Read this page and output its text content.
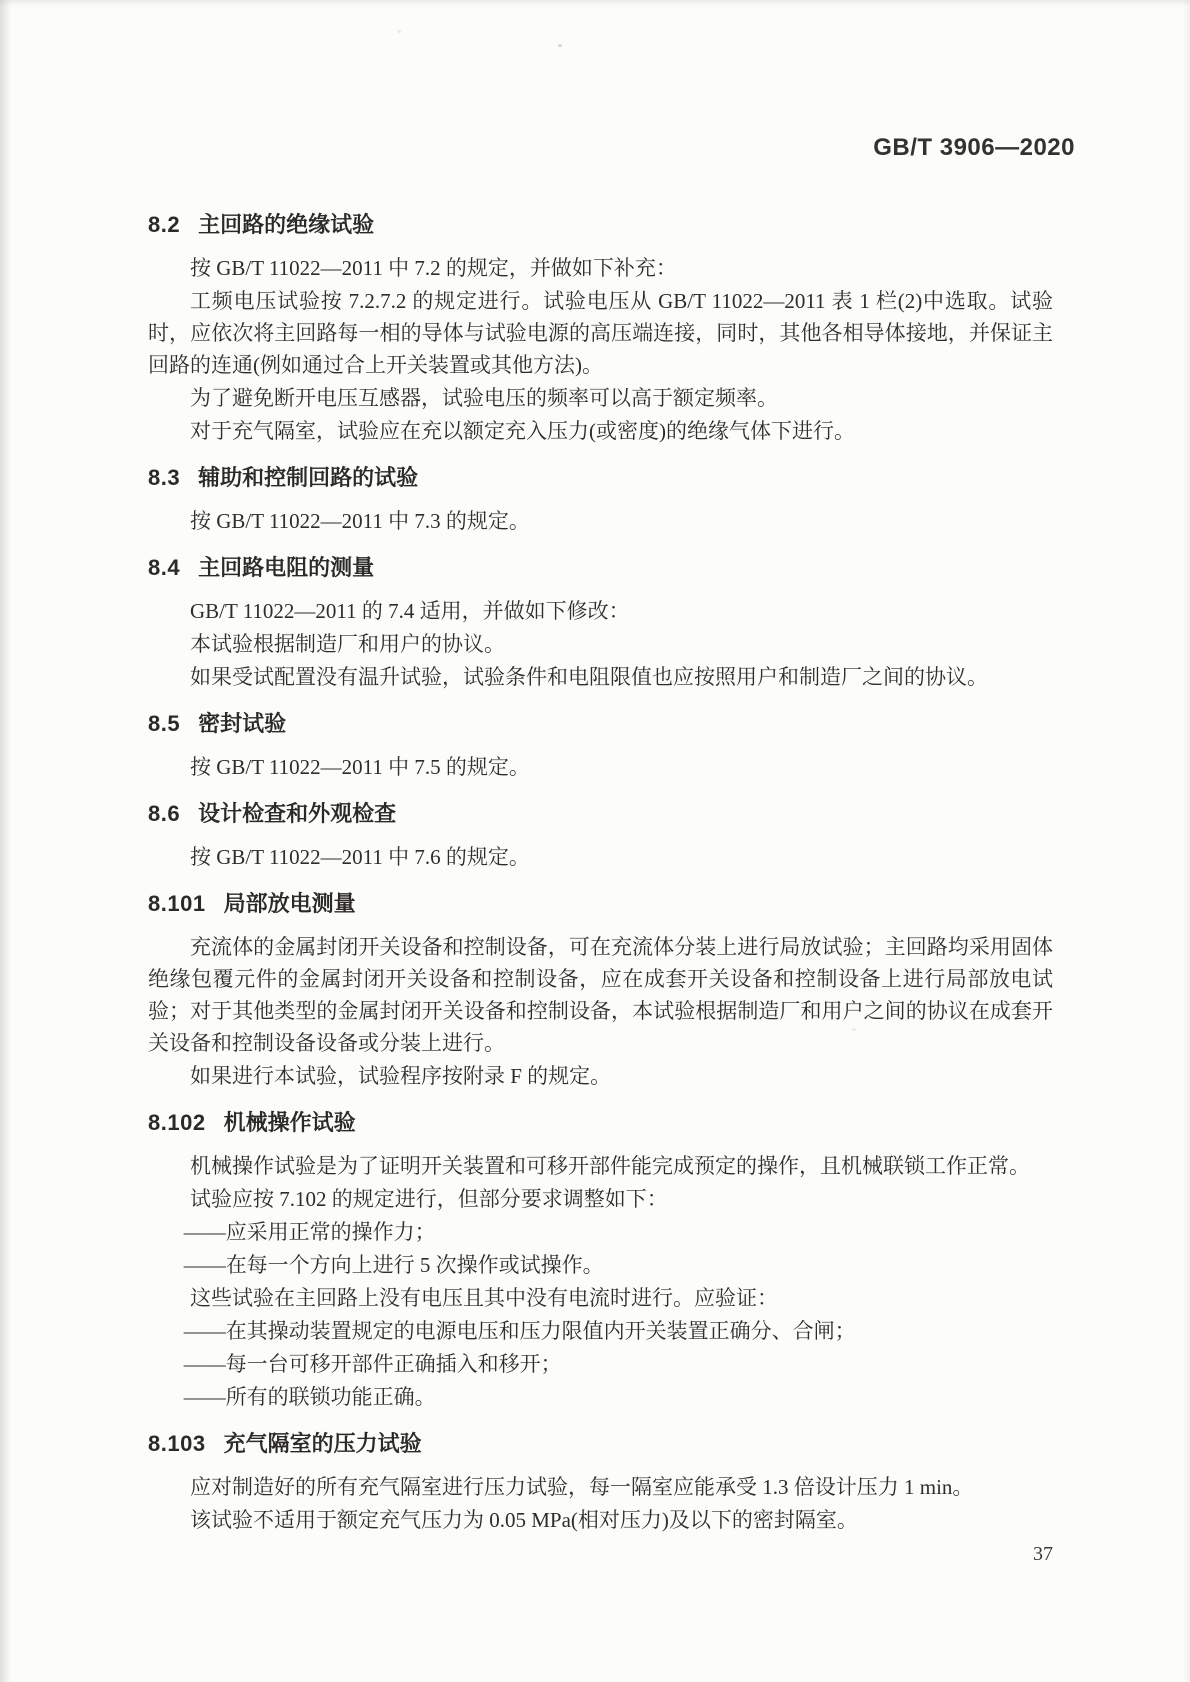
GB/T 3906—2020
8.2 主回路的绝缘试验

按 GB/T 11022—2011 中 7.2 的规定，并做如下补充：

工频电压试验按 7.2.7.2 的规定进行。试验电压从 GB/T 11022—2011 表 1 栏(2)中选取。试验时，应依次将主回路每一相的导体与试验电源的高压端连接，同时，其他各相导体接地，并保证主回路的连通(例如通过合上开关装置或其他方法)。

为了避免断开电压互感器，试验电压的频率可以高于额定频率。

对于充气隔室，试验应在充以额定充入压力(或密度)的绝缘气体下进行。

8.3 辅助和控制回路的试验

按 GB/T 11022—2011 中 7.3 的规定。

8.4 主回路电阻的测量

GB/T 11022—2011 的 7.4 适用，并做如下修改：

本试验根据制造厂和用户的协议。

如果受试配置没有温升试验，试验条件和电阻限值也应按照用户和制造厂之间的协议。

8.5 密封试验

按 GB/T 11022—2011 中 7.5 的规定。

8.6 设计检查和外观检查

按 GB/T 11022—2011 中 7.6 的规定。

8.101 局部放电测量

充流体的金属封闭开关设备和控制设备，可在充流体分装上进行局放试验；主回路均采用固体绝缘包覆元件的金属封闭开关设备和控制设备，应在成套开关设备和控制设备上进行局部放电试验；对于其他类型的金属封闭开关设备和控制设备，本试验根据制造厂和用户之间的协议在成套开关设备和控制设备设备或分装上进行。

如果进行本试验，试验程序按附录 F 的规定。

8.102 机械操作试验

机械操作试验是为了证明开关装置和可移开部件能完成预定的操作，且机械联锁工作正常。

试验应按 7.102 的规定进行，但部分要求调整如下：

——应采用正常的操作力；

——在每一个方向上进行 5 次操作或试操作。

这些试验在主回路上没有电压且其中没有电流时进行。应验证：

——在其操动装置规定的电源电压和压力限值内开关装置正确分、合闸；

——每一台可移开部件正确插入和移开；

——所有的联锁功能正确。

8.103 充气隔室的压力试验

应对制造好的所有充气隔室进行压力试验，每一隔室应能承受 1.3 倍设计压力 1 min。

该试验不适用于额定充气压力为 0.05 MPa(相对压力)及以下的密封隔室。

37
